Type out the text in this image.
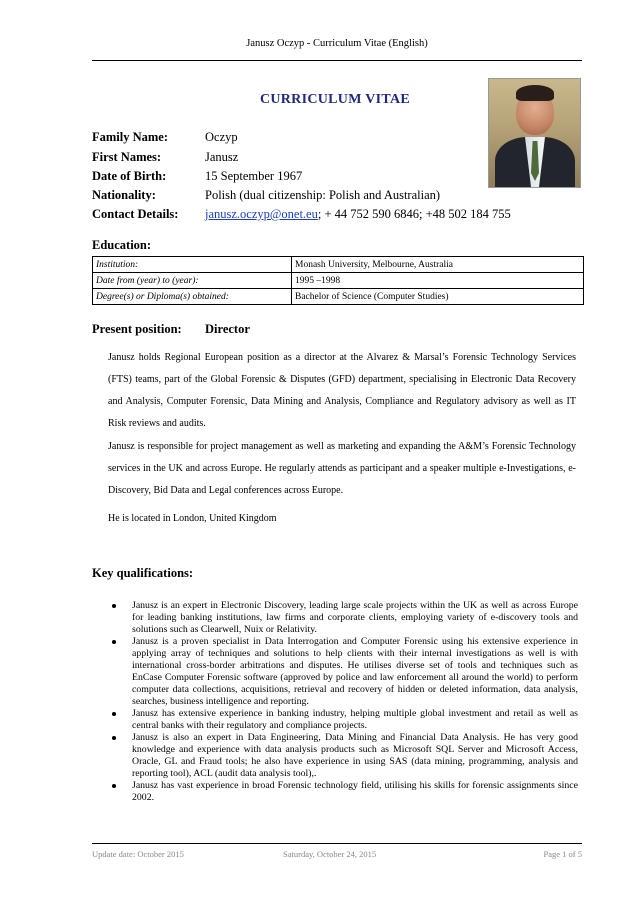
Janusz Oczyp - Curriculum Vitae (English)
CURRICULUM VITAE
Family Name:	Oczyp
First Names:	Janusz
Date of Birth:	15 September 1967
Nationality:	Polish (dual citizenship: Polish and Australian)
Contact Details: janusz.oczyp@onet.eu; + 44 752 590 6846; +48 502 184 755
Education:
Institution:	Monash University, Melbourne, Australia
Date from (year) to (year):	1995 –1998
Degree(s) or Diploma(s) obtained:	Bachelor of Science (Computer Studies)
Present position: Director
Janusz holds Regional European position as a director at the Alvarez & Marsal’s Forensic Technology Services (FTS) teams, part of the Global Forensic & Disputes (GFD) department, specialising in Electronic Data Recovery and Analysis, Computer Forensic, Data Mining and Analysis, Compliance and Regulatory advisory as well as IT Risk reviews and audits.
Janusz is responsible for project management as well as marketing and expanding the A&M’s Forensic Technology services in the UK and across Europe. He regularly attends as participant and a speaker multiple e-Investigations, e-Discovery, Bid Data and Legal conferences across Europe.
He is located in London, United Kingdom
Key qualifications:
Janusz is an expert in Electronic Discovery, leading large scale projects within the UK as well as across Europe for leading banking institutions, law firms and corporate clients, employing variety of e-discovery tools and solutions such as Clearwell, Nuix or Relativity.
Janusz is a proven specialist in Data Interrogation and Computer Forensic using his extensive experience in applying array of techniques and solutions to help clients with their internal investigations as well is with international cross-border arbitrations and disputes. He utilises diverse set of tools and techniques such as EnCase Computer Forensic software (approved by police and law enforcement all around the world) to perform computer data collections, acquisitions, retrieval and recovery of hidden or deleted information, data analysis, searches, business intelligence and reporting.
Janusz has extensive experience in banking industry, helping multiple global investment and retail as well as central banks with their regulatory and compliance projects.
Janusz is also an expert in Data Engineering, Data Mining and Financial Data Analysis. He has very good knowledge and experience with data analysis products such as Microsoft SQL Server and Microsoft Access, Oracle, GL and Fraud tools; he also have experience in using SAS (data mining, programming, analysis and reporting tool), ACL (audit data analysis tool),.
Janusz has vast experience in broad Forensic technology field, utilising his skills for forensic assignments since 2002.
Update date: October 2015	Saturday, October 24, 2015	Page 1 of 5
